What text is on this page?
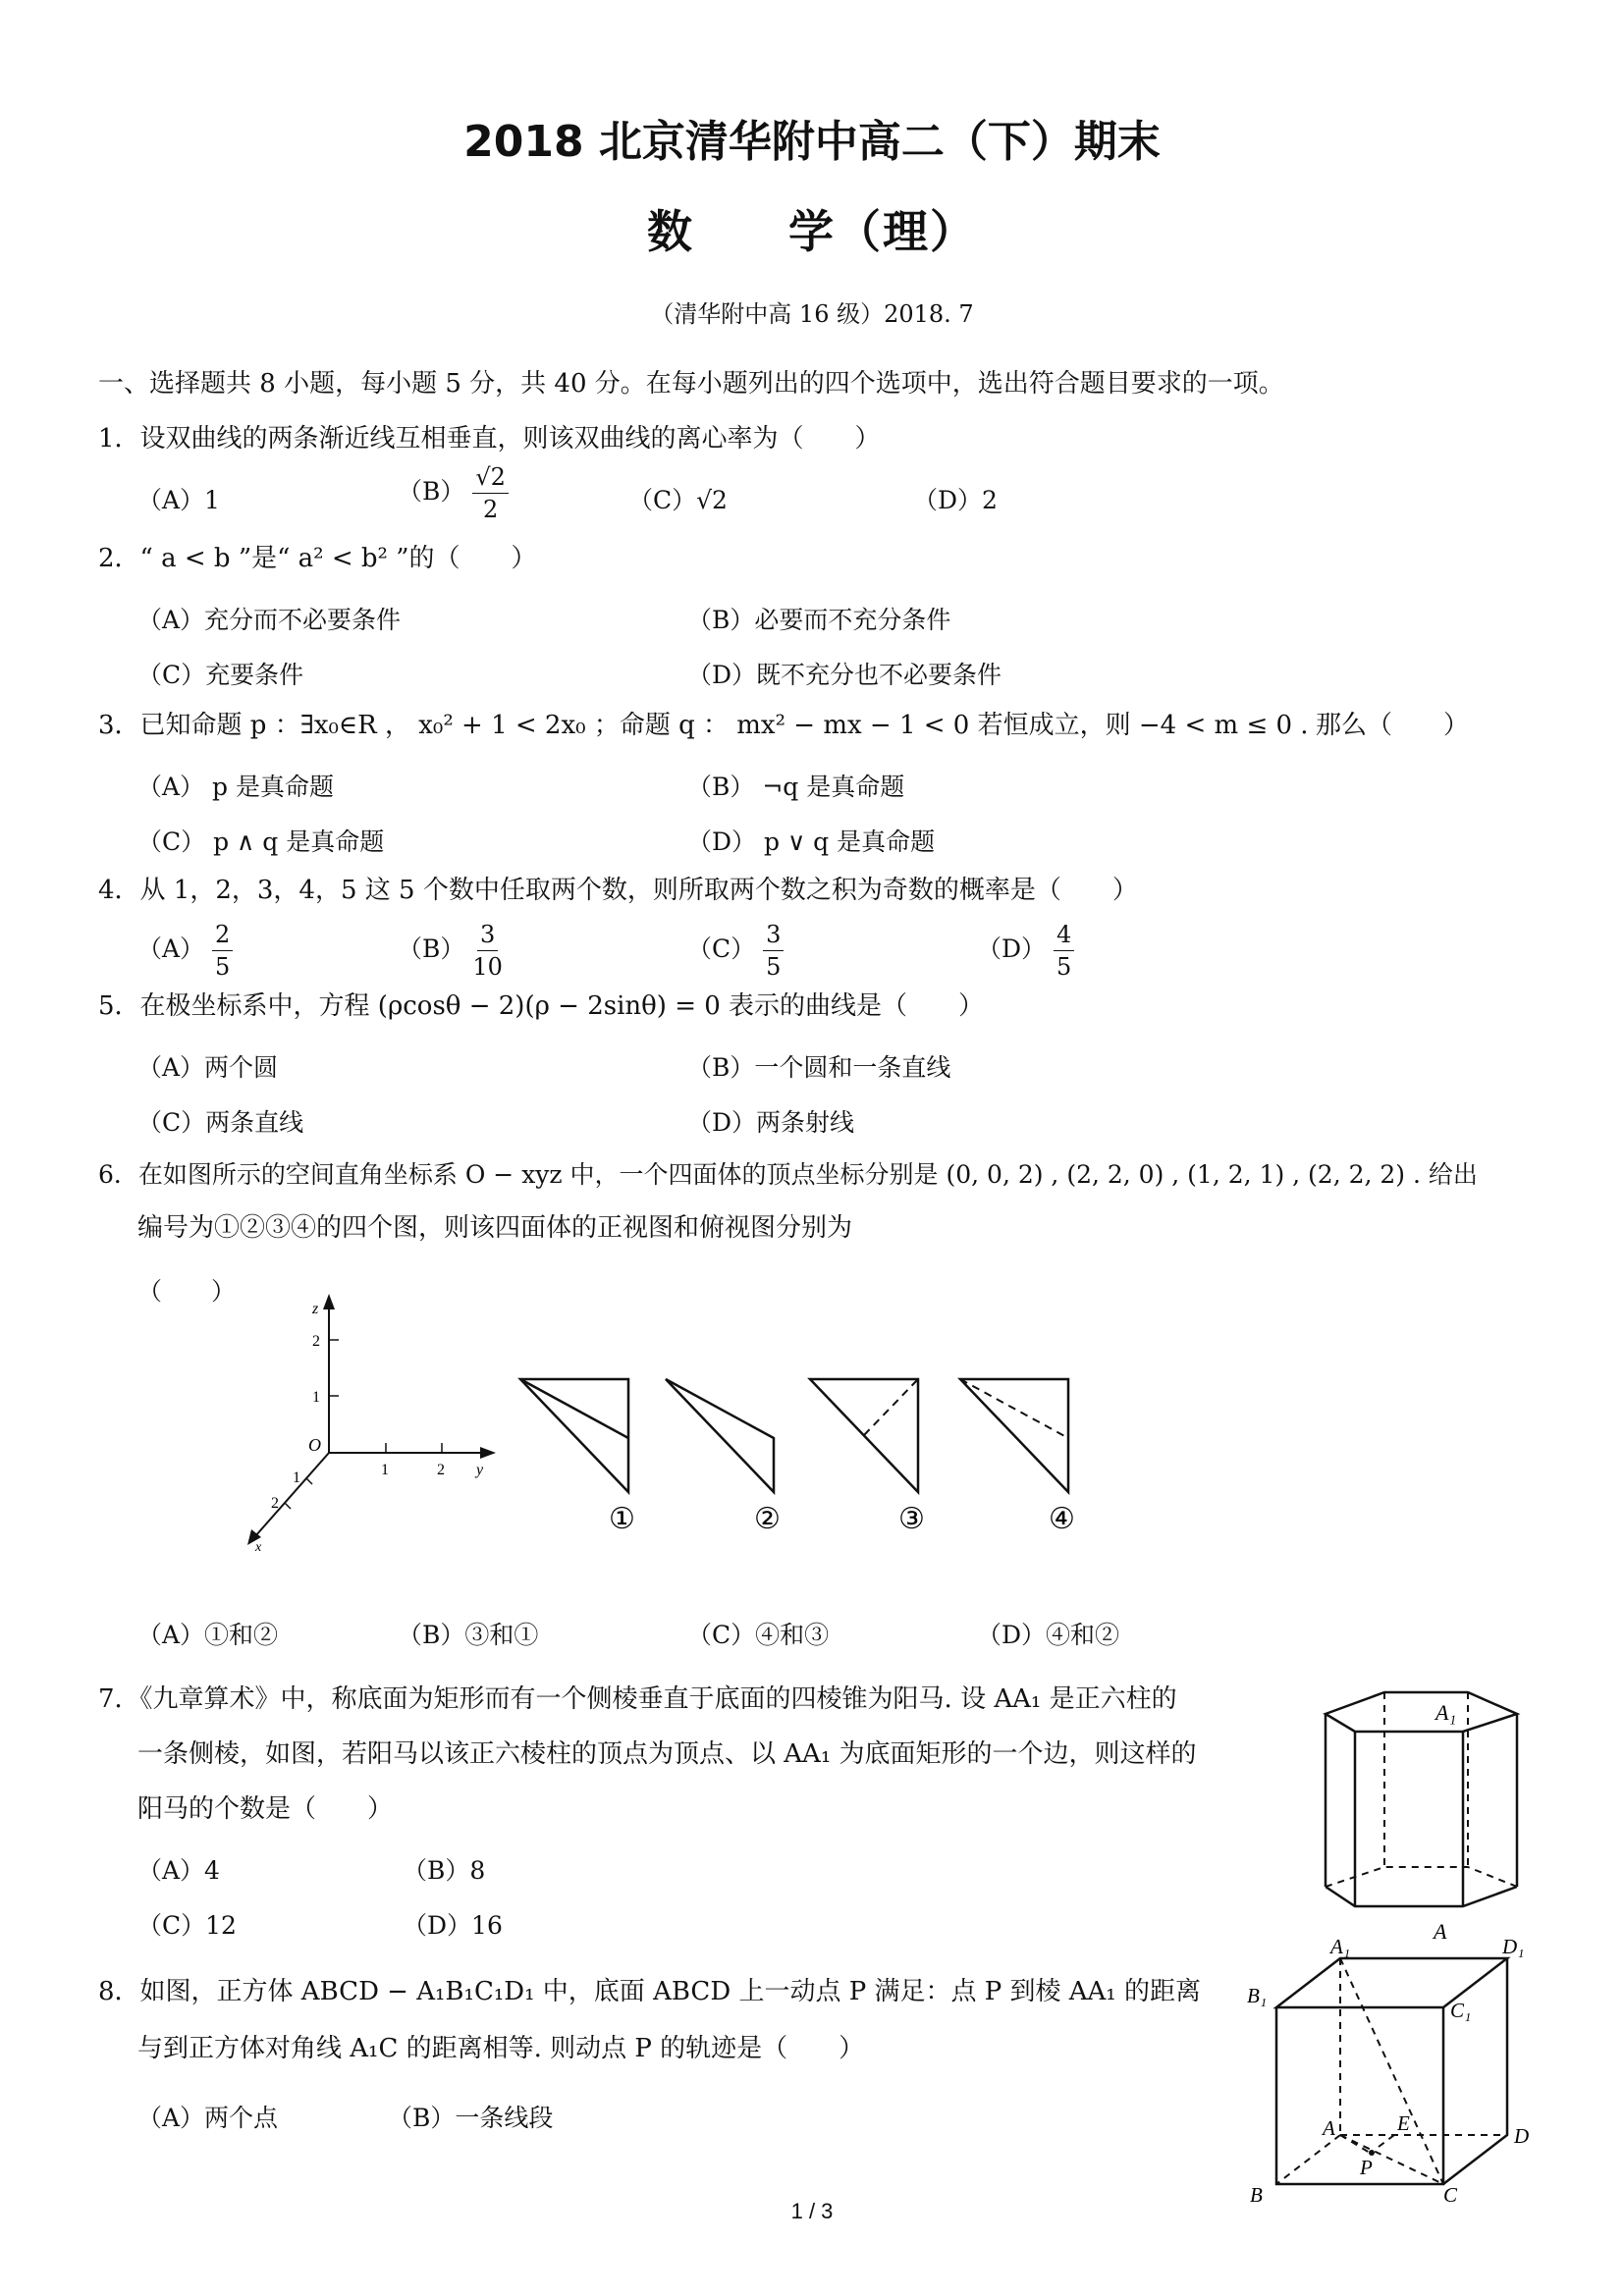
2018 北京清华附中高二（下）期末
数　　学（理）
（清华附中高 16 级）2018. 7
一、选择题共 8 小题，每小题 5 分，共 40 分。在每小题列出的四个选项中，选出符合题目要求的一项。
1．设双曲线的两条渐近线互相垂直，则该双曲线的离心率为（　　）
（A）1	$(B) \frac{√2}{2}$	（C）√2	（D）2
2．“ a < b ”是“ a² < b² ”的（　　）
（A）充分而不必要条件	（B）必要而不充分条件
（C）充要条件	（D）既不充分也不必要条件
3．已知命题 p ：∃x₀∈R ， x₀² + 1 < 2x₀ ；命题 q ： mx² − mx − 1 < 0 若恒成立，则 −4 < m ≤ 0 . 那么（　　）
（A） p 是真命题	（B） ¬q 是真命题
（C） p ∧ q 是真命题	（D） p ∨ q 是真命题
4．从 1，2，3，4，5 这 5 个数中任取两个数，则所取两个数之积为奇数的概率是（　　）
$(A) \frac{2}{5}$	$(B) \frac{3}{10}$	$(C) \frac{3}{5}$	$(D) \frac{4}{5}$
5．在极坐标系中，方程 (ρcosθ − 2)(ρ − 2sinθ) = 0 表示的曲线是（　　）
（A）两个圆	（B）一个圆和一条直线
（C）两条直线	（D）两条射线
6．在如图所示的空间直角坐标系 O − xyz 中，一个四面体的顶点坐标分别是 (0, 0, 2) , (2, 2, 0) , (1, 2, 1) , (2, 2, 2) . 给出
编号为①②③④的四个图，则该四面体的正视图和俯视图分别为
（　　）
z
2
1
O
1	2 y
1
2
x
①	②	③	④
（A）①和②	（B）③和①	（C）④和③	（D）④和②
7．《九章算术》中，称底面为矩形而有一个侧棱垂直于底面的四棱锥为阳马. 设 AA₁ 是正六柱的
一条侧棱，如图，若阳马以该正六棱柱的顶点为顶点、以 AA₁ 为底面矩形的一个边，则这样的
阳马的个数是（　　）
（A）4	（B）8
（C）12	（D）16
A₁
A
8．如图，正方体 ABCD − A₁B₁C₁D₁ 中，底面 ABCD 上一动点 P 满足：点 P 到棱 AA₁ 的距离
与到正方体对角线 A₁C 的距离相等. 则动点 P 的轨迹是（　　）
（A）两个点	（B）一条线段
A₁	D₁
B₁
C₁
A	E
D
P
B	C
1 / 3
